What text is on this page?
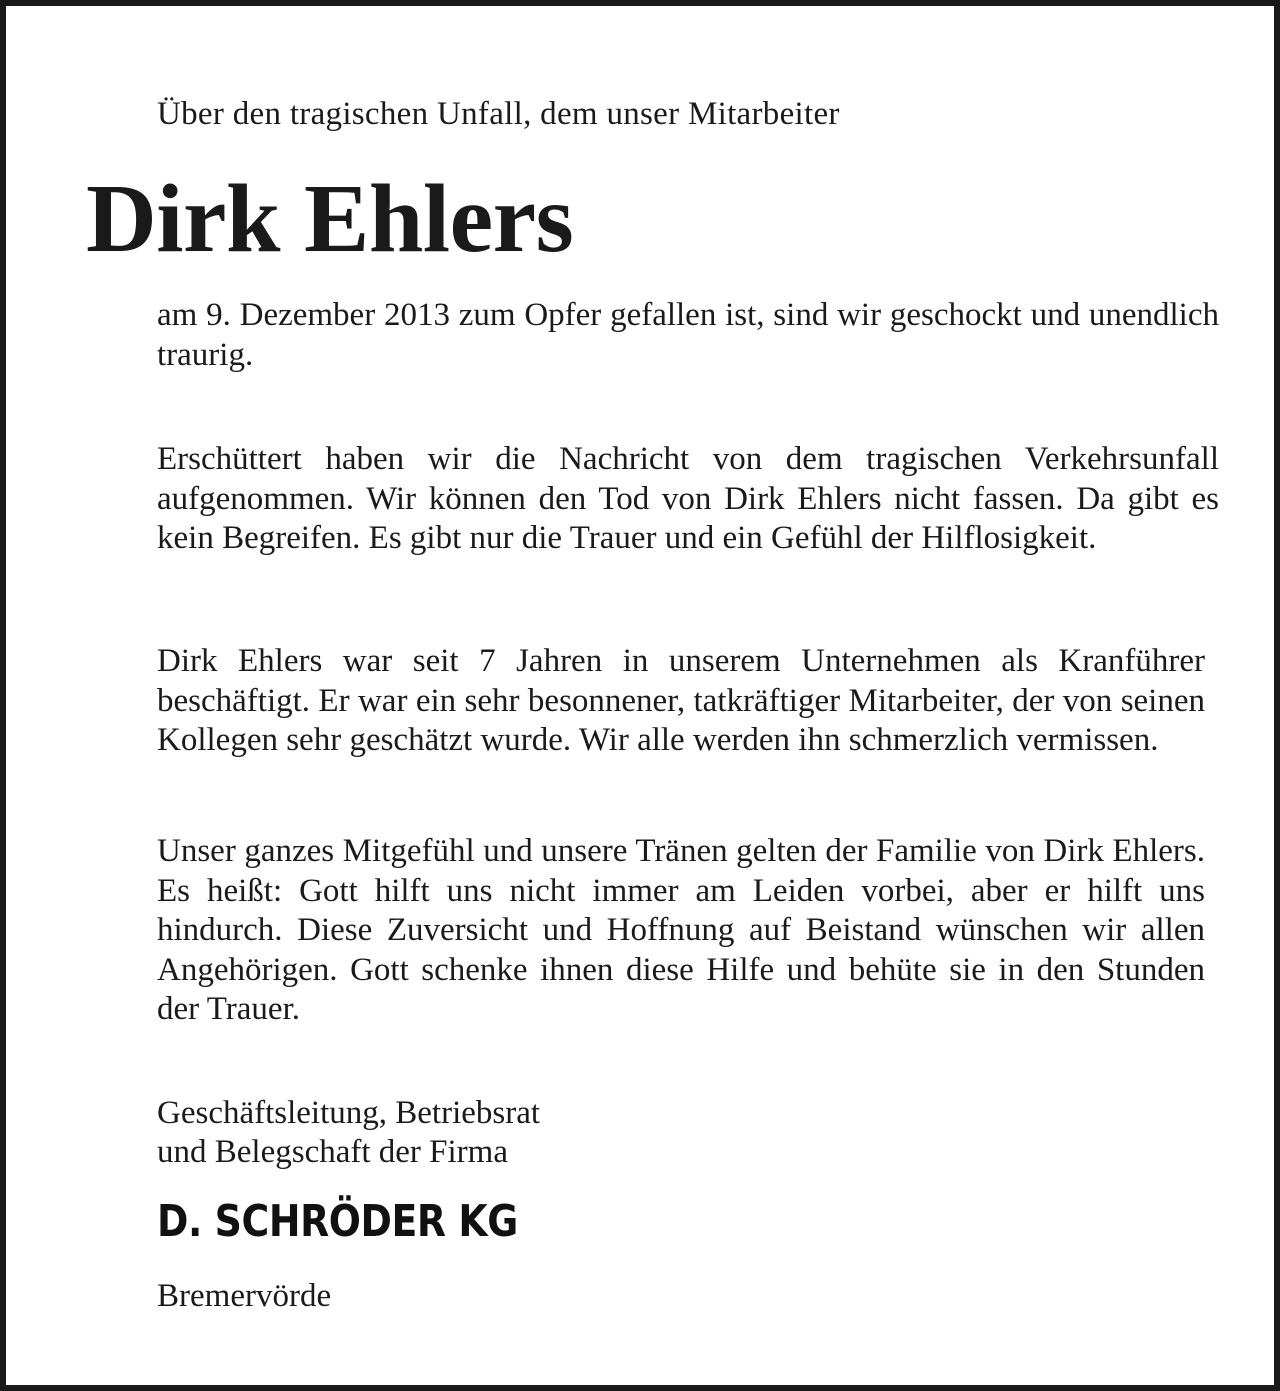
Über den tragischen Unfall, dem unser Mitarbeiter

Dirk Ehlers

am 9. Dezember 2013 zum Opfer gefallen ist, sind wir geschockt und unendlich traurig.

Erschüttert haben wir die Nachricht von dem tragischen Verkehrsunfall aufgenommen. Wir können den Tod von Dirk Ehlers nicht fassen. Da gibt es kein Begreifen. Es gibt nur die Trauer und ein Gefühl der Hilflosigkeit.

Dirk Ehlers war seit 7 Jahren in unserem Unternehmen als Kranführer beschäftigt. Er war ein sehr besonnener, tatkräftiger Mitarbeiter, der von seinen Kollegen sehr geschätzt wurde. Wir alle werden ihn schmerzlich vermissen.

Unser ganzes Mitgefühl und unsere Tränen gelten der Familie von Dirk Ehlers. Es heißt: Gott hilft uns nicht immer am Leiden vorbei, aber er hilft uns hindurch. Diese Zuversicht und Hoffnung auf Beistand wünschen wir allen Angehörigen. Gott schenke ihnen diese Hilfe und behüte sie in den Stunden der Trauer.

Geschäftsleitung, Betriebsrat
und Belegschaft der Firma
D. SCHRÖDER KG

Bremervörde
